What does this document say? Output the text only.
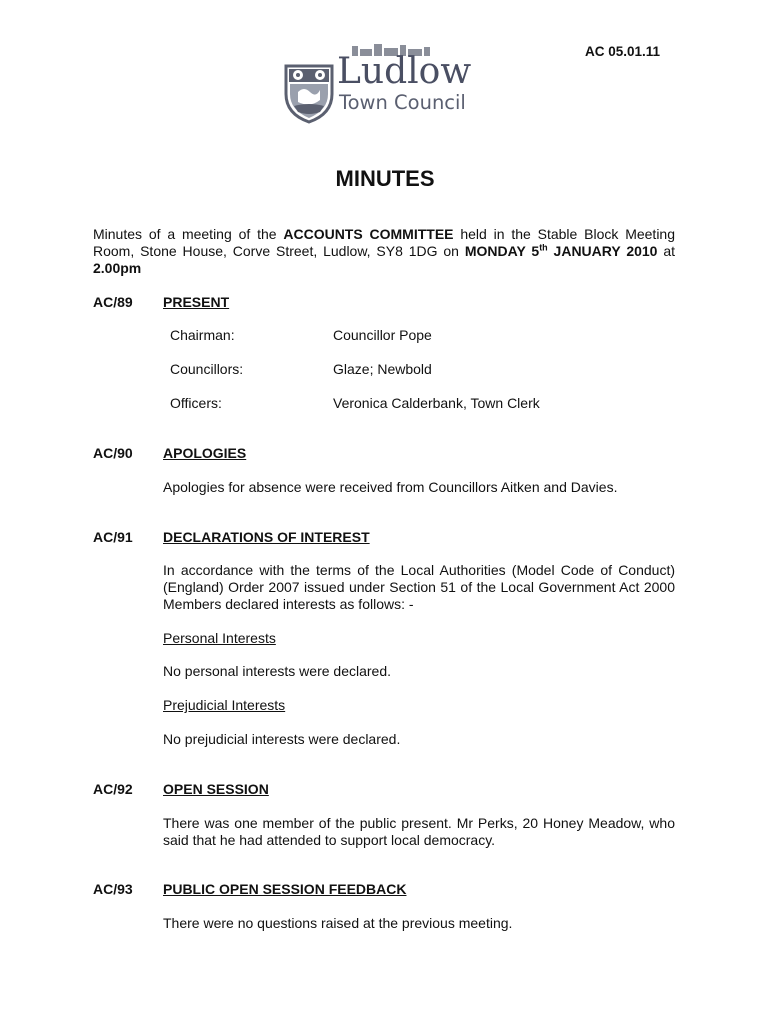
AC 05.01.11
Ludlow
Town Council
MINUTES
Minutes of a meeting of the ACCOUNTS COMMITTEE held in the Stable Block Meeting Room, Stone House, Corve Street, Ludlow, SY8 1DG on MONDAY 5th JANUARY 2010 at 2.00pm
AC/89 PRESENT
Chairman:	Councillor Pope
Councillors:	Glaze; Newbold
Officers:	Veronica Calderbank, Town Clerk
AC/90 APOLOGIES
Apologies for absence were received from Councillors Aitken and Davies.
AC/91 DECLARATIONS OF INTEREST
In accordance with the terms of the Local Authorities (Model Code of Conduct) (England) Order 2007 issued under Section 51 of the Local Government Act 2000 Members declared interests as follows: -
Personal Interests
No personal interests were declared.
Prejudicial Interests
No prejudicial interests were declared.
AC/92 OPEN SESSION
There was one member of the public present. Mr Perks, 20 Honey Meadow, who said that he had attended to support local democracy.
AC/93 PUBLIC OPEN SESSION FEEDBACK
There were no questions raised at the previous meeting.
